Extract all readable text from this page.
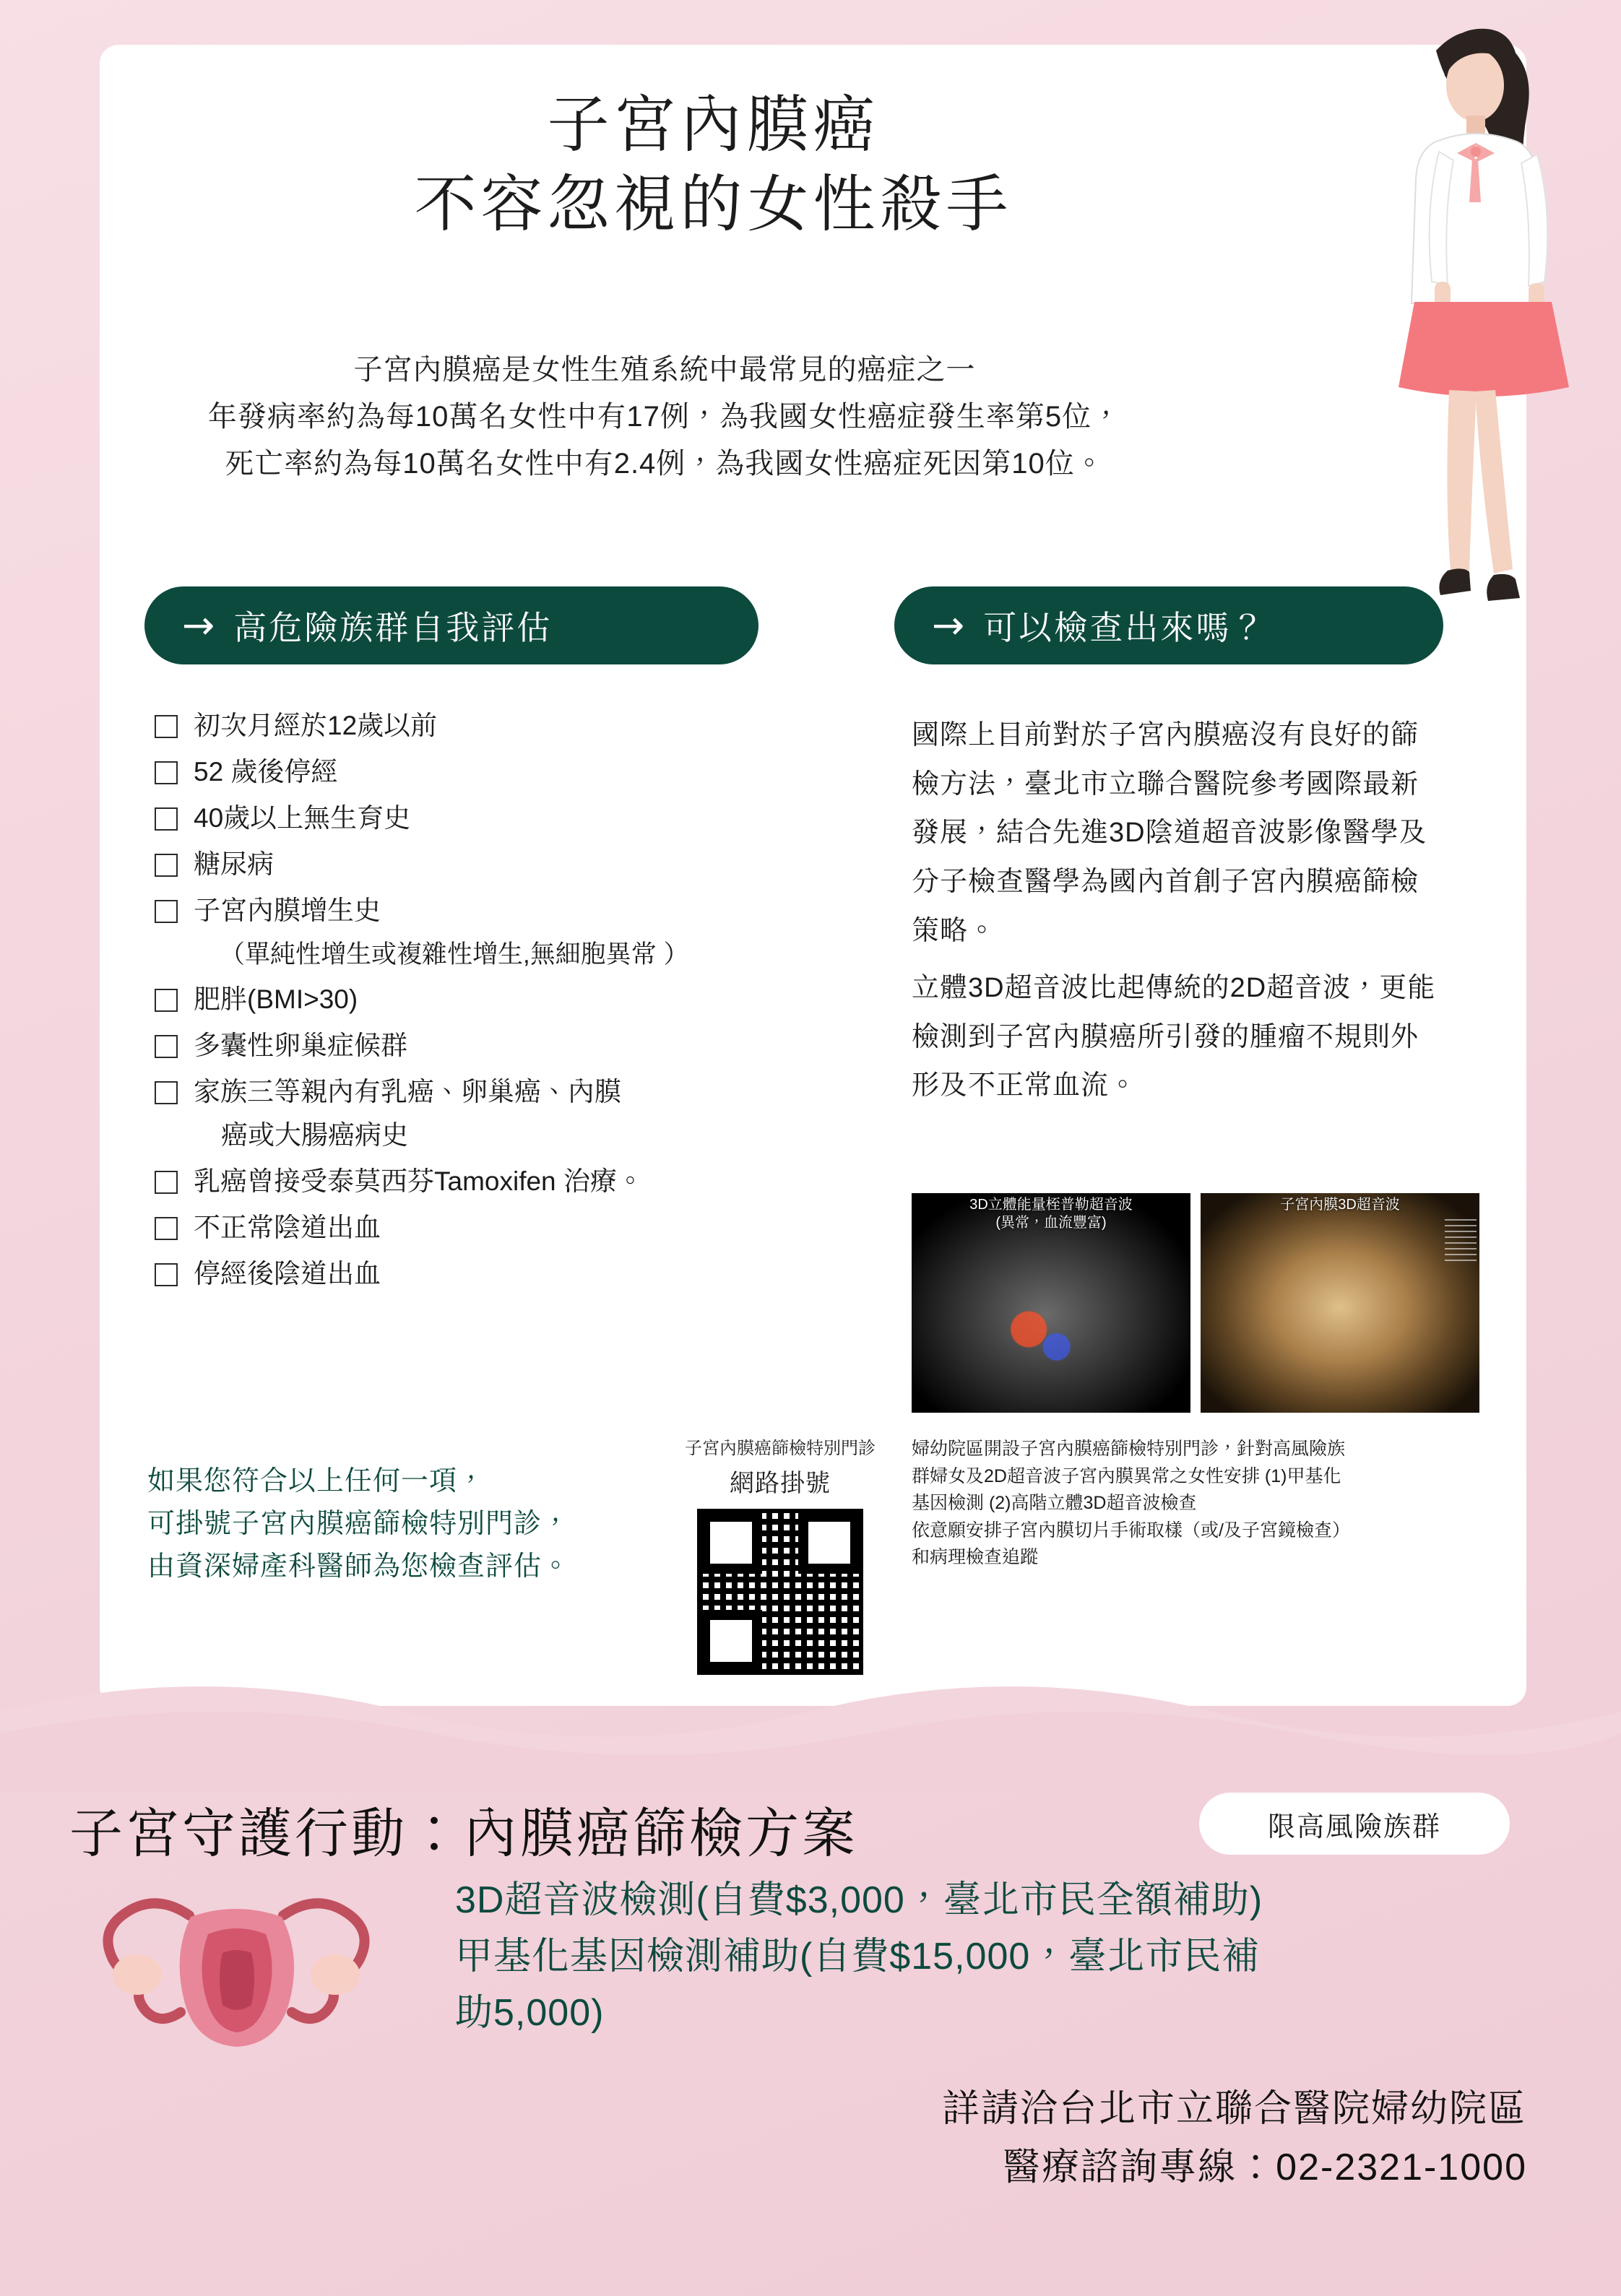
子宮內膜癌
不容忽視的女性殺手
子宮內膜癌是女性生殖系統中最常見的癌症之一
年發病率約為每10萬名女性中有17例，為我國女性癌症發生率第5位，
死亡率約為每10萬名女性中有2.4例，為我國女性癌症死因第10位。
→ 高危險族群自我評估	→ 可以檢查出來嗎？
初次月經於12歲以前
52 歲後停經
40歲以上無生育史
糖尿病
子宮內膜增生史
（單純性增生或複雜性增生,無細胞異常 ）
肥胖(BMI>30)
多囊性卵巢症候群
家族三等親內有乳癌、卵巢癌、內膜
癌或大腸癌病史
乳癌曾接受泰莫西芬Tamoxifen 治療。
不正常陰道出血
停經後陰道出血
如果您符合以上任何一項，
可掛號子宮內膜癌篩檢特別門診，
由資深婦產科醫師為您檢查評估。
子宮內膜癌篩檢特別門診
網路掛號

國際上目前對於子宮內膜癌沒有良好的篩檢方法，臺北市立聯合醫院參考國際最新發展，結合先進3D陰道超音波影像醫學及分子檢查醫學為國內首創子宮內膜癌篩檢策略。

立體3D超音波比起傳統的2D超音波，更能檢測到子宮內膜癌所引發的腫瘤不規則外形及不正常血流。

3D立體能量桎普勒超音波
(異常，血流豐富)
子宮內膜3D超音波
婦幼院區開設子宮內膜癌篩檢特別門診，針對高風險族
群婦女及2D超音波子宮內膜異常之女性安排 (1)甲基化
基因檢測 (2)高階立體3D超音波檢查
依意願安排子宮內膜切片手術取樣（或/及子宮鏡檢查）
和病理檢查追蹤
子宮守護行動：內膜癌篩檢方案	限高風險族群
3D超音波檢測(自費$3,000，臺北市民全額補助)
甲基化基因檢測補助(自費$15,000，臺北市民補
助5,000)
詳請洽台北市立聯合醫院婦幼院區
醫療諮詢專線：02-2321-1000
